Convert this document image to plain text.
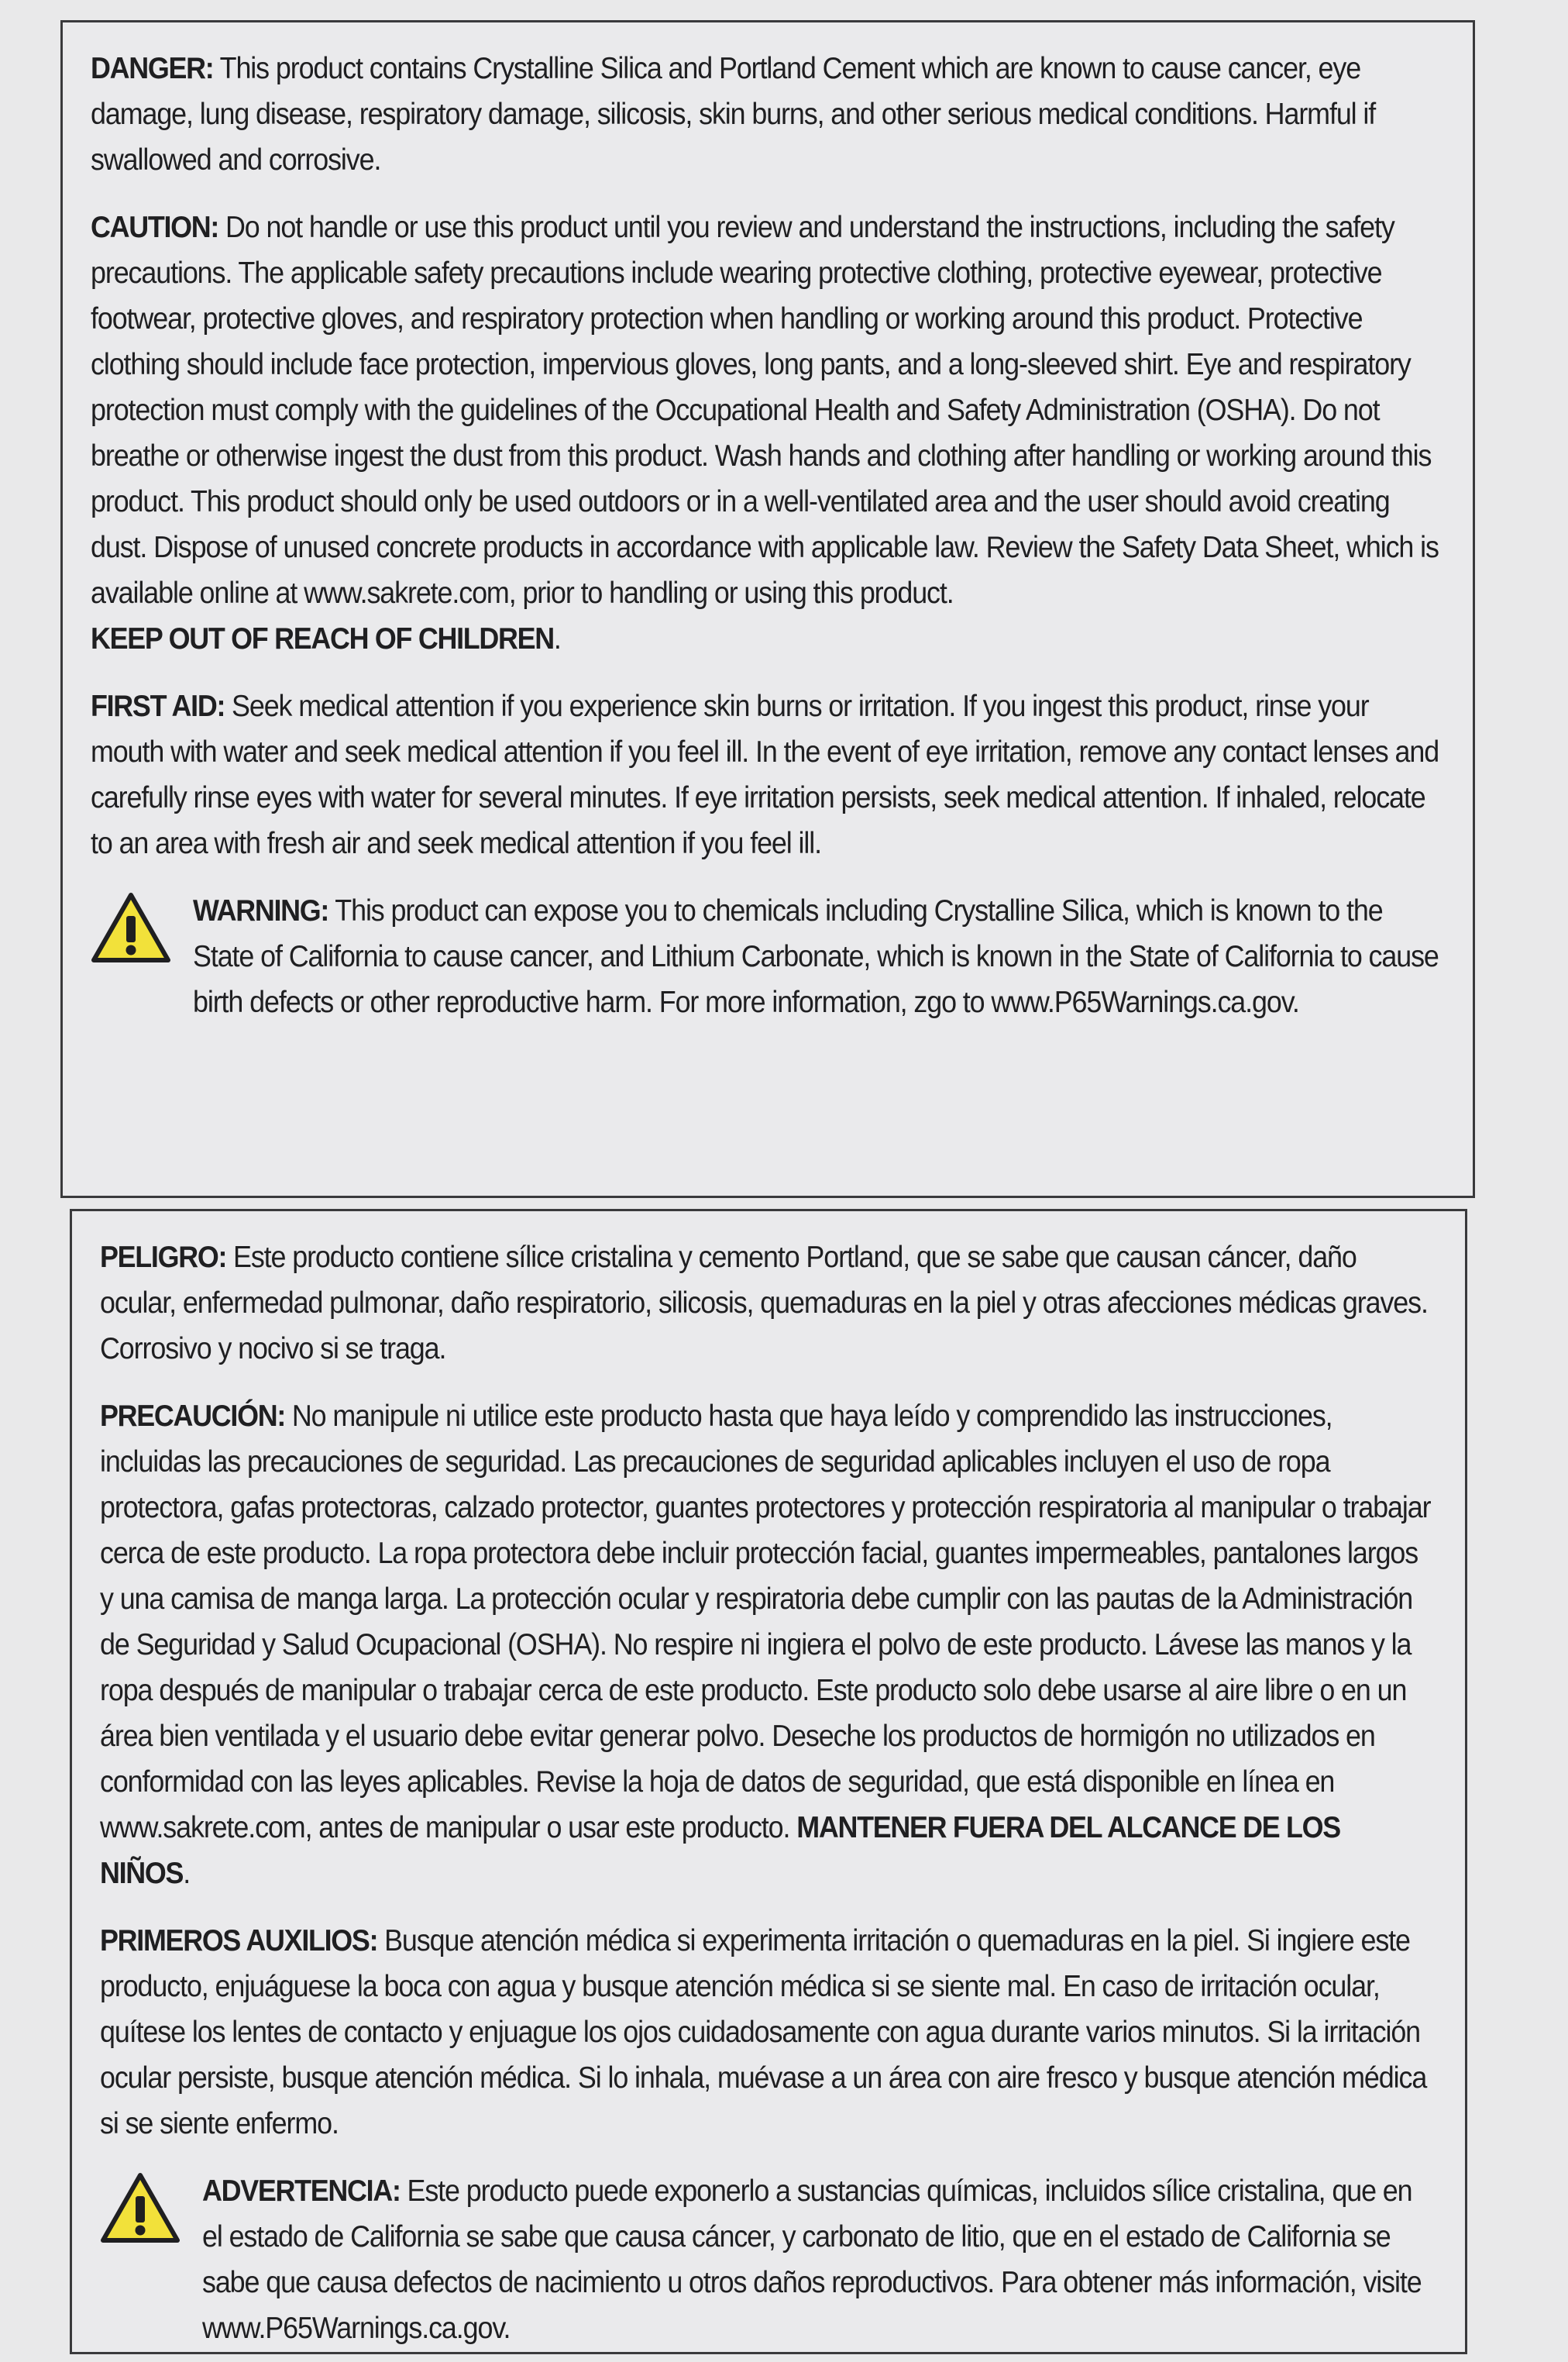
DANGER: This product contains Crystalline Silica and Portland Cement which are known to cause cancer, eye damage, lung disease, respiratory damage, silicosis, skin burns, and other serious medical conditions. Harmful if swallowed and corrosive.

CAUTION: Do not handle or use this product until you review and understand the instructions, including the safety precautions. The applicable safety precautions include wearing protective clothing, protective eyewear, protective footwear, protective gloves, and respiratory protection when handling or working around this product. Protective clothing should include face protection, impervious gloves, long pants, and a long-sleeved shirt. Eye and respiratory protection must comply with the guidelines of the Occupational Health and Safety Administration (OSHA). Do not breathe or otherwise ingest the dust from this product. Wash hands and clothing after handling or working around this product. This product should only be used outdoors or in a well-ventilated area and the user should avoid creating dust. Dispose of unused concrete products in accordance with applicable law. Review the Safety Data Sheet, which is available online at www.sakrete.com, prior to handling or using this product.
KEEP OUT OF REACH OF CHILDREN.

FIRST AID: Seek medical attention if you experience skin burns or irritation. If you ingest this product, rinse your mouth with water and seek medical attention if you feel ill. In the event of eye irritation, remove any contact lenses and carefully rinse eyes with water for several minutes. If eye irritation persists, seek medical attention. If inhaled, relocate to an area with fresh air and seek medical attention if you feel ill.

WARNING: This product can expose you to chemicals including Crystalline Silica, which is known to the State of California to cause cancer, and Lithium Carbonate, which is known in the State of California to cause birth defects or other reproductive harm. For more information, zgo to www.P65Warnings.ca.gov.

PELIGRO: Este producto contiene sílice cristalina y cemento Portland, que se sabe que causan cáncer, daño ocular, enfermedad pulmonar, daño respiratorio, silicosis, quemaduras en la piel y otras afecciones médicas graves. Corrosivo y nocivo si se traga.

PRECAUCIÓN: No manipule ni utilice este producto hasta que haya leído y comprendido las instrucciones, incluidas las precauciones de seguridad. Las precauciones de seguridad aplicables incluyen el uso de ropa protectora, gafas protectoras, calzado protector, guantes protectores y protección respiratoria al manipular o trabajar cerca de este producto. La ropa protectora debe incluir protección facial, guantes impermeables, pantalones largos y una camisa de manga larga. La protección ocular y respiratoria debe cumplir con las pautas de la Administración de Seguridad y Salud Ocupacional (OSHA). No respire ni ingiera el polvo de este producto. Lávese las manos y la ropa después de manipular o trabajar cerca de este producto. Este producto solo debe usarse al aire libre o en un área bien ventilada y el usuario debe evitar generar polvo. Deseche los productos de hormigón no utilizados en conformidad con las leyes aplicables. Revise la hoja de datos de seguridad, que está disponible en línea en www.sakrete.com, antes de manipular o usar este producto. MANTENER FUERA DEL ALCANCE DE LOS NIÑOS.

PRIMEROS AUXILIOS: Busque atención médica si experimenta irritación o quemaduras en la piel. Si ingiere este producto, enjuáguese la boca con agua y busque atención médica si se siente mal. En caso de irritación ocular, quítese los lentes de contacto y enjuague los ojos cuidadosamente con agua durante varios minutos. Si la irritación ocular persiste, busque atención médica. Si lo inhala, muévase a un área con aire fresco y busque atención médica si se siente enfermo.

ADVERTENCIA: Este producto puede exponerlo a sustancias químicas, incluidos sílice cristalina, que en el estado de California se sabe que causa cáncer, y carbonato de litio, que en el estado de California se sabe que causa defectos de nacimiento u otros daños reproductivos. Para obtener más información, visite www.P65Warnings.ca.gov.
